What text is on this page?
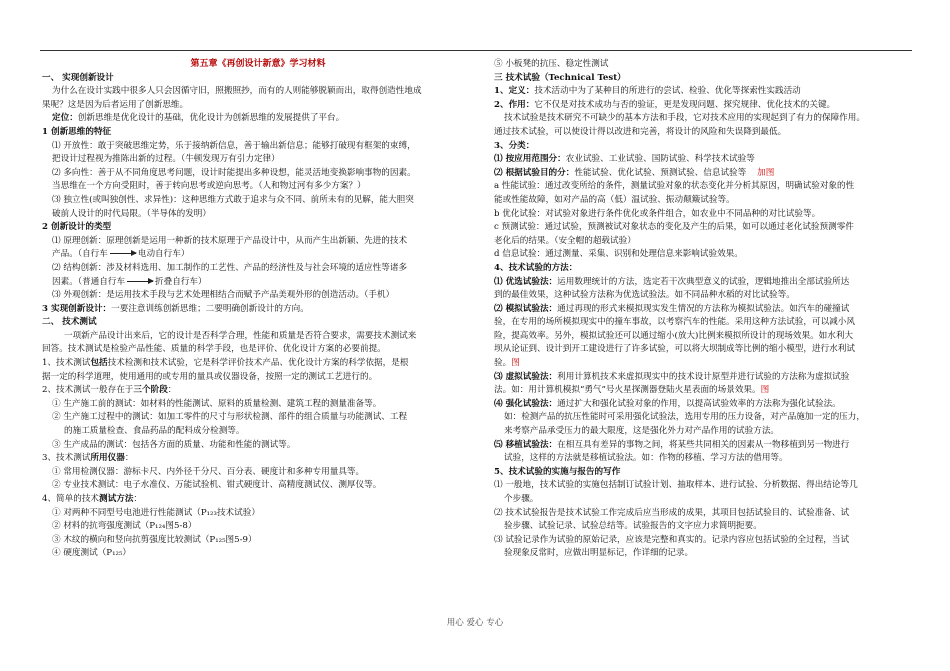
第五章《再创设计新意》学习材料
一、 实现创新设计
为什么在设计实践中很多人只会因循守旧，照搬照抄，而有的人则能够脱颖而出，取得创造性地成
果呢？这是因为后者运用了创新思维。
定位：创新思维是优化设计的基础，优化设计为创新思维的发展提供了平台。
1 创新思维的特征
⑴ 开放性：敢于突破思维定势，乐于接纳新信息，善于输出新信息；能够打破现有框架的束缚，
把设计过程视为推陈出新的过程。（牛顿发现万有引力定律）
⑵ 多向性：善于从不同角度思考问题，设计时能提出多种设想，能灵活地变换影响事物的因素。
当思维在一个方向受阻时，善于转向思考或逆向思考。（人和物过河有多少方案？）
⑶ 独立性(或叫独创性、求异性)：这种思维方式敢于追求与众不同、前所未有的见解，能大胆突
破前人设计的时代局限。（半导体的发明）
2 创新设计的类型
⑴ 原理创新：原理创新是运用一种新的技术原理于产品设计中，从而产生出新颖、先进的技术
产品。（自行车	电动自行车）
⑵ 结构创新：涉及材料选用、加工制作的工艺性、产品的经济性及与社会环境的适应性等诸多
因素。（普通自行车	折叠自行车）
⑶ 外观创新：是运用技术手段与艺术处理相结合而赋予产品美观外形的创造活动。（手机）
3 实现创新设计：一要注意训练创新思维；二要明确创新设计的方向。
二、 技术测试
一项新产品设计出来后，它的设计是否科学合理，性能和质量是否符合要求，需要技术测试来
回答。技术测试是检验产品性能、质量的科学手段，也是评价、优化设计方案的必要前提。
1、技术测试包括技术检测和技术试验，它是科学评价技术产品、优化设计方案的科学依据，是根
据一定的科学道理，使用通用的或专用的量具或仪器设备，按照一定的测试工艺进行的。
2、技术测试一般存在于三个阶段：
① 生产施工前的测试：如材料的性能测试、原料的质量检测、建筑工程的测量准备等。
② 生产施工过程中的测试：如加工零件的尺寸与形状检测、部件的组合质量与功能测试、工程
的施工质量检查、食品药品的配料成分检测等。
③ 生产成品的测试：包括各方面的质量、功能和性能的测试等。
3、技术测试所用仪器：
① 常用检测仪器：游标卡尺、内外径千分尺、百分表、硬度计和多种专用量具等。
② 专业技术测试：电子水准仪、万能试验机、钳式硬度计、高精度测试仪、测厚仪等。
4、简单的技术测试方法：
① 对两种不同型号电池进行性能测试（P₁₂₃技术试验）
② 材料的抗弯强度测试（P₁₂₄图5-8）
③ 木纹的横向和竖向抗剪强度比较测试（P₁₂₅图5-9）
④ 硬度测试（P₁₂₅）
⑤ 小板凳的抗压、稳定性测试
三 技术试验（Technical Test）
1、定义：技术活动中为了某种目的所进行的尝试、检验、优化等探索性实践活动
2、作用：它不仅是对技术成功与否的验证，更是发现问题、探究规律、优化技术的关键。
技术试验是技术研究不可缺少的基本方法和手段，它对技术应用的实现起到了有力的保障作用。
通过技术试验，可以使设计得以改进和完善，将设计的风险和失误降到最低。
3、分类：
⑴ 按应用范围分：农业试验、工业试验、国防试验、科学技术试验等
⑵ 根据试验目的分：性能试验、优化试验、预测试验、信息试验等 加图
a 性能试验：通过改变所给的条件，测量试验对象的状态变化并分析其原因，明确试验对象的性
能或性能故障，如对产品的高（低）温试验、振动颠簸试验等。
b 优化试验：对试验对象进行条件优化或条件组合，如农业中不同品种的对比试验等。
c 预测试验：通过试验，预测被试对象状态的变化及产生的后果，如可以通过老化试验预测零件
老化后的结果。（安全帽的超载试验）
d 信息试验：通过测量、采集、识别和处理信息来影响试验效果。
4、技术试验的方法：
⑴ 优选试验法：运用数理统计的方法，选定若干次典型意义的试验，逻辑地推出全部试验所达
到的最佳效果，这种试验方法称为优选试验法。如不同品种水稻的对比试验等。
⑵ 模拟试验法：通过再现的形式来模拟现实发生情况的方法称为模拟试验法。如汽车的碰撞试
验，在专用的场所模拟现实中的撞车事故，以考察汽车的性能。采用这种方法试验，可以减小风
险，提高效率。另外，模拟试验还可以通过缩小(放大)比例来模拟所设计的现场效果。如水利大
坝从论证到、设计到开工建设进行了许多试验，可以将大坝制成等比例的缩小模型，进行水利试
验。图
⑶ 虚拟试验法：利用计算机技术来虚拟现实中的技术设计原型并进行试验的方法称为虚拟试验
法。如：用计算机模拟“勇气”号火星探测器登陆火星表面的场景效果。图
⑷ 强化试验法：通过扩大和强化试验对象的作用，以提高试验效率的方法称为强化试验法。
如：检测产品的抗压性能时可采用强化试验法，选用专用的压力设备，对产品施加一定的压力，
来考察产品承受压力的最大限度，这是强化外力对产品作用的试验方法。
⑸ 移植试验法：在相互具有差异的事物之间，将某些共同相关的因素从一物移植到另一物进行
试验，这样的方法就是移植试验法。如：作物的移植、学习方法的借用等。
5、技术试验的实施与报告的写作
⑴ 一般地，技术试验的实施包括制订试验计划、抽取样本、进行试验、分析数据、得出结论等几
个步骤。
⑵ 技术试验报告是技术试验工作完成后应当形成的成果，其项目包括试验目的、试验准备、试
验步骤、试验记录、试验总结等。试验报告的文字应力求简明扼要。
⑶ 试验记录作为试验的原始记录，应该是完整和真实的。记录内容应包括试验的全过程，当试
验现象反常时，应做出明显标记，作详细的记录。
用心 爱心 专心
